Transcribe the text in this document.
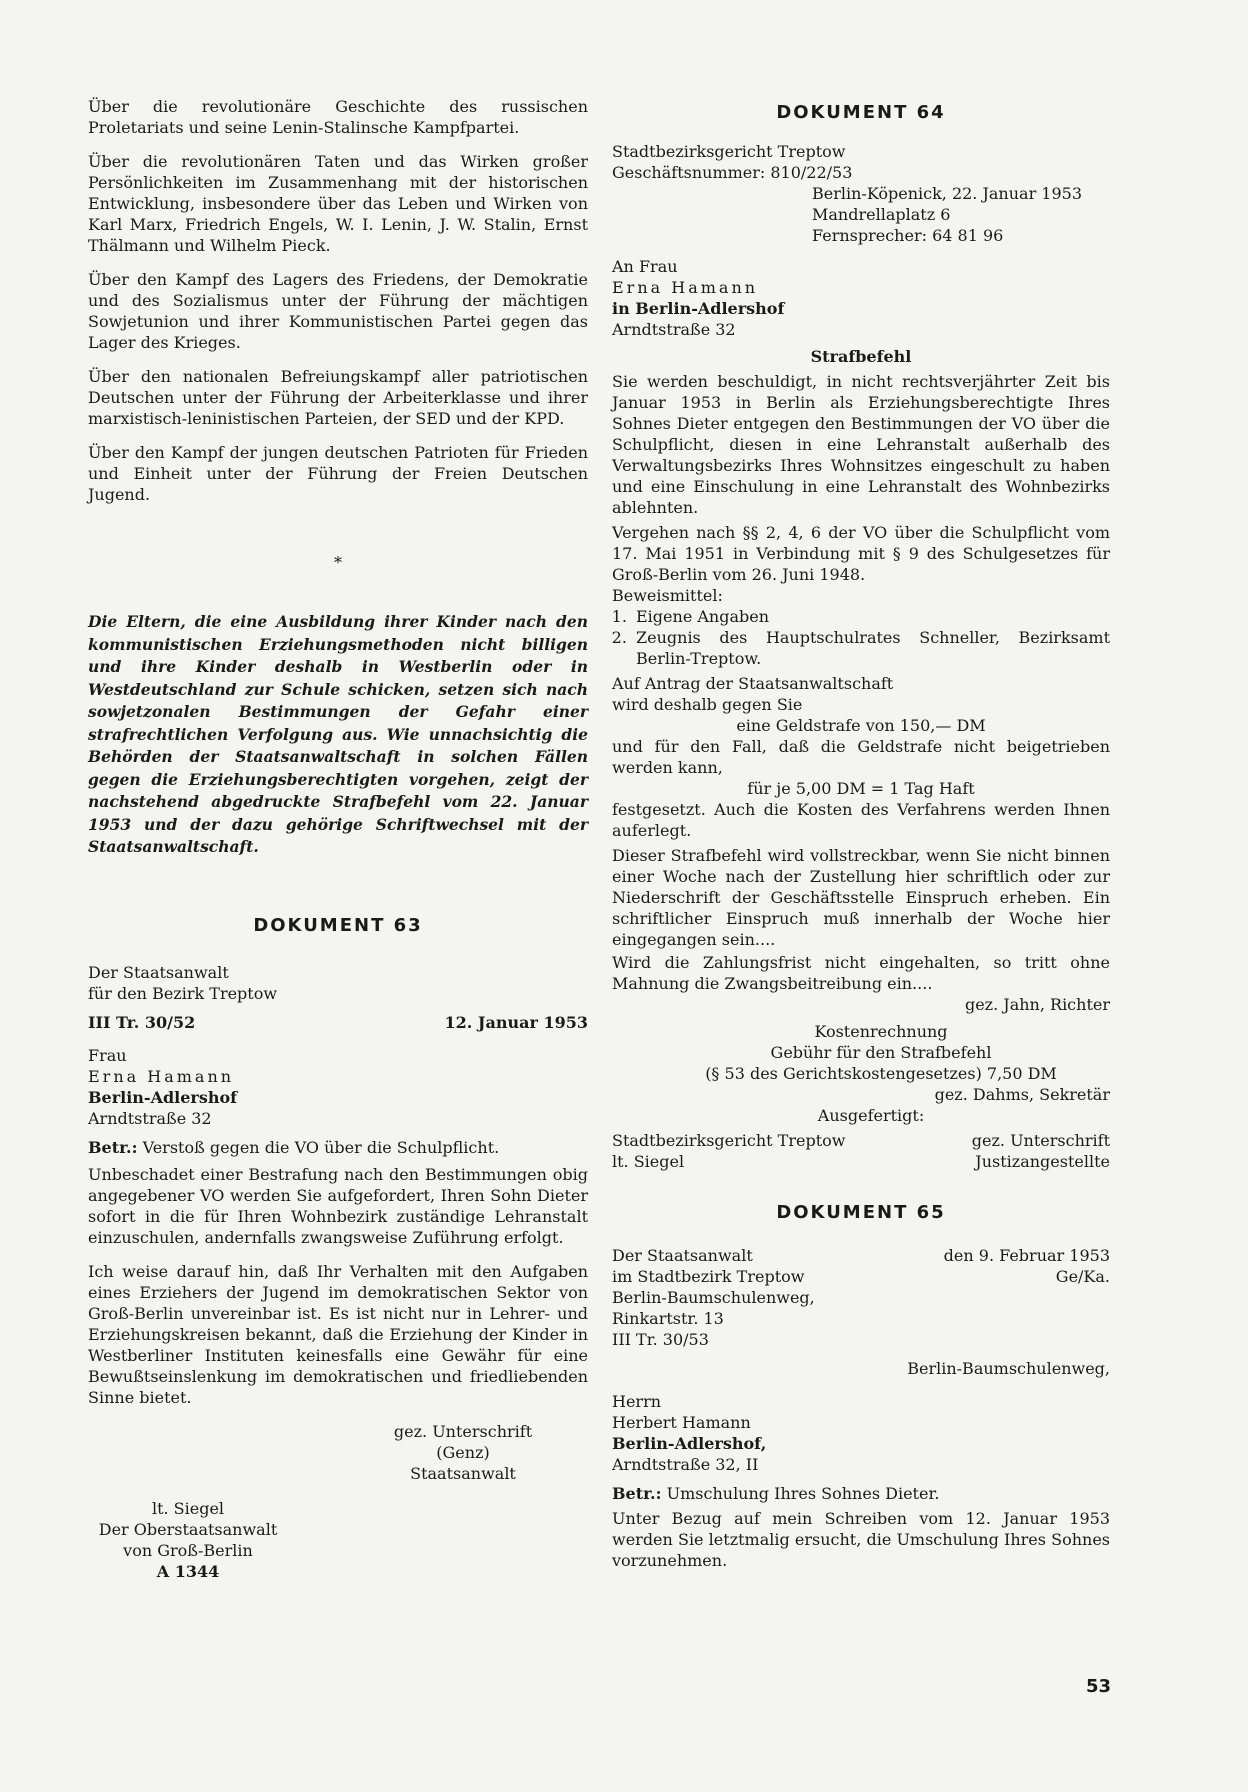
Über die revolutionäre Geschichte des russischen Proletariats und seine Lenin-Stalinsche Kampfpartei.

Über die revolutionären Taten und das Wirken großer Persönlichkeiten im Zusammenhang mit der historischen Entwicklung, insbesondere über das Leben und Wirken von Karl Marx, Friedrich Engels, W. I. Lenin, J. W. Stalin, Ernst Thälmann und Wilhelm Pieck.

Über den Kampf des Lagers des Friedens, der Demokratie und des Sozialismus unter der Führung der mächtigen Sowjetunion und ihrer Kommunistischen Partei gegen das Lager des Krieges.

Über den nationalen Befreiungskampf aller patriotischen Deutschen unter der Führung der Arbeiterklasse und ihrer marxistisch-leninistischen Parteien, der SED und der KPD.

Über den Kampf der jungen deutschen Patrioten für Frieden und Einheit unter der Führung der Freien Deutschen Jugend.

*

Die Eltern, die eine Ausbildung ihrer Kinder nach den kommunistischen Erziehungsmethoden nicht billigen und ihre Kinder deshalb in Westberlin oder in Westdeutschland zur Schule schicken, setzen sich nach sowjetzonalen Bestimmungen der Gefahr einer strafrechtlichen Verfolgung aus. Wie unnachsichtig die Behörden der Staatsanwaltschaft in solchen Fällen gegen die Erziehungsberechtigten vorgehen, zeigt der nachstehend abgedruckte Strafbefehl vom 22. Januar 1953 und der dazu gehörige Schriftwechsel mit der Staatsanwaltschaft.

DOKUMENT 63

Der Staatsanwalt

für den Bezirk Treptow

III Tr. 30/52	12. Januar 1953

Frau

Erna Hamann

Berlin-Adlershof

Arndtstraße 32

Betr.: Verstoß gegen die VO über die Schulpflicht.

Unbeschadet einer Bestrafung nach den Bestimmungen obig angegebener VO werden Sie aufgefordert, Ihren Sohn Dieter sofort in die für Ihren Wohnbezirk zuständige Lehranstalt einzuschulen, andernfalls zwangsweise Zuführung erfolgt.

Ich weise darauf hin, daß Ihr Verhalten mit den Aufgaben eines Erziehers der Jugend im demokratischen Sektor von Groß-Berlin unvereinbar ist. Es ist nicht nur in Lehrer- und Erziehungskreisen bekannt, daß die Erziehung der Kinder in Westberliner Instituten keinesfalls eine Gewähr für eine Bewußtseinslenkung im demokratischen und friedliebenden Sinne bietet.

gez. Unterschrift

(Genz)

Staatsanwalt

lt. Siegel

Der Oberstaatsanwalt

von Groß-Berlin

A 1344

DOKUMENT 64

Stadtbezirksgericht Treptow

Geschäftsnummer: 810/22/53

Berlin-Köpenick, 22. Januar 1953

Mandrellaplatz 6

Fernsprecher: 64 81 96

An Frau

Erna Hamann

in Berlin-Adlershof

Arndtstraße 32

Strafbefehl

Sie werden beschuldigt, in nicht rechtsverjährter Zeit bis Januar 1953 in Berlin als Erziehungsberechtigte Ihres Sohnes Dieter entgegen den Bestimmungen der VO über die Schulpflicht, diesen in eine Lehranstalt außerhalb des Verwaltungsbezirks Ihres Wohnsitzes eingeschult zu haben und eine Einschulung in eine Lehranstalt des Wohnbezirks ablehnten.

Vergehen nach §§ 2, 4, 6 der VO über die Schulpflicht vom 17. Mai 1951 in Verbindung mit § 9 des Schulgesetzes für Groß-Berlin vom 26. Juni 1948.

Beweismittel:

1. Eigene Angaben
2. Zeugnis des Hauptschulrates Schneller, Bezirksamt Berlin-Treptow.

Auf Antrag der Staatsanwaltschaft

wird deshalb gegen Sie

eine Geldstrafe von 150,— DM

und für den Fall, daß die Geldstrafe nicht beigetrieben werden kann,

für je 5,00 DM = 1 Tag Haft

festgesetzt. Auch die Kosten des Verfahrens werden Ihnen auferlegt.

Dieser Strafbefehl wird vollstreckbar, wenn Sie nicht binnen einer Woche nach der Zustellung hier schriftlich oder zur Niederschrift der Geschäftsstelle Einspruch erheben. Ein schriftlicher Einspruch muß innerhalb der Woche hier eingegangen sein....

Wird die Zahlungsfrist nicht eingehalten, so tritt ohne Mahnung die Zwangsbeitreibung ein....

gez. Jahn, Richter

Kostenrechnung

Gebühr für den Strafbefehl

(§ 53 des Gerichtskostengesetzes) 7,50 DM

gez. Dahms, Sekretär

Ausgefertigt:

Stadtbezirksgericht Treptow	gez. Unterschrift
lt. Siegel	Justizangestellte

DOKUMENT 65

Der Staatsanwalt	den 9. Februar 1953
im Stadtbezirk Treptow	Ge/Ka.

Berlin-Baumschulenweg,

Rinkartstr. 13

III Tr. 30/53

Berlin-Baumschulenweg,

Herrn

Herbert Hamann

Berlin-Adlershof,

Arndtstraße 32, II

Betr.: Umschulung Ihres Sohnes Dieter.

Unter Bezug auf mein Schreiben vom 12. Januar 1953 werden Sie letztmalig ersucht, die Umschulung Ihres Sohnes vorzunehmen.

53
